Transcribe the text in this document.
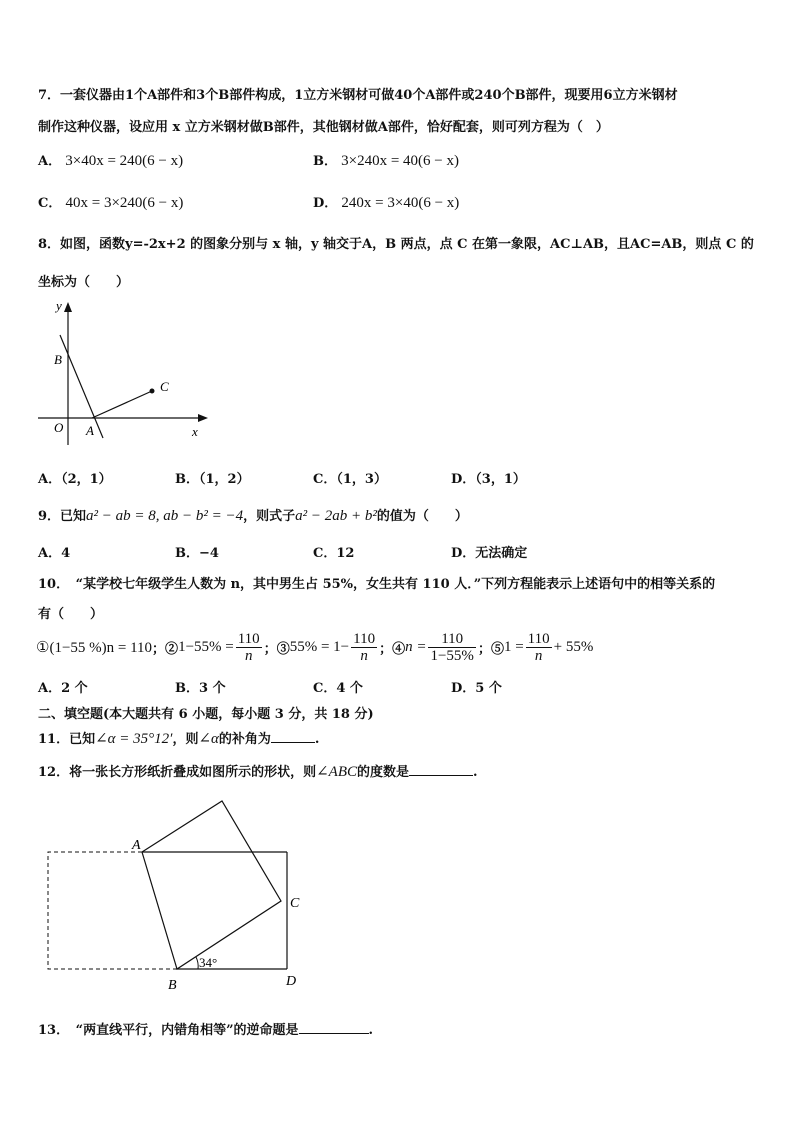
7．一套仪器由1个A部件和3个B部件构成，1立方米钢材可做40个A部件或240个B部件，现要用6立方米钢材
制作这种仪器，设应用 x 立方米钢材做B部件，其他钢材做A部件，恰好配套，则可列方程为（　）
A． 3×40x = 240(6 − x)	B． 3×240x = 40(6 − x)
C． 40x = 3×240(6 − x)	D． 240x = 3×40(6 − x)
8．如图，函数y=-2x+2 的图象分别与 x 轴，y 轴交于A，B 两点，点 C 在第一象限，AC⊥AB，且AC=AB，则点 C 的
坐标为（　　）
y
x
O A
B
C
A．（2，1）	B．（1，2）	C．（1，3）	D．（3，1）
9．已知a² − ab = 8, ab − b² = −4，则式子a² − 2ab + b²的值为（　　）
A．4	B．−4	C．12	D．无法确定
10．　“某学校七年级学生人数为 n，其中男生占 55%，女生共有 110 人．”下列方程能表示上述语句中的相等关系的
有（　　）
①(1−55 %)n = 110 ；② $1-55\% = \frac{110}{n}$ ；③ $55\% = 1- \frac{110}{n}$ ；④ $n = \frac{110}{1-55\%}$ ；⑤ $1 = \frac{110}{n} + 55\%$
A．2 个	B．3 个	C．4 个	D．5 个
二、填空题(本大题共有 6 小题，每小题 3 分，共 18 分)
11．已知∠α = 35°12′，则∠α的补角为	.
12．将一张长方形纸折叠成如图所示的形状，则∠ABC的度数是	.
A
C
B	D
34°
13．　“两直线平行，内错角相等”的逆命题是	.
